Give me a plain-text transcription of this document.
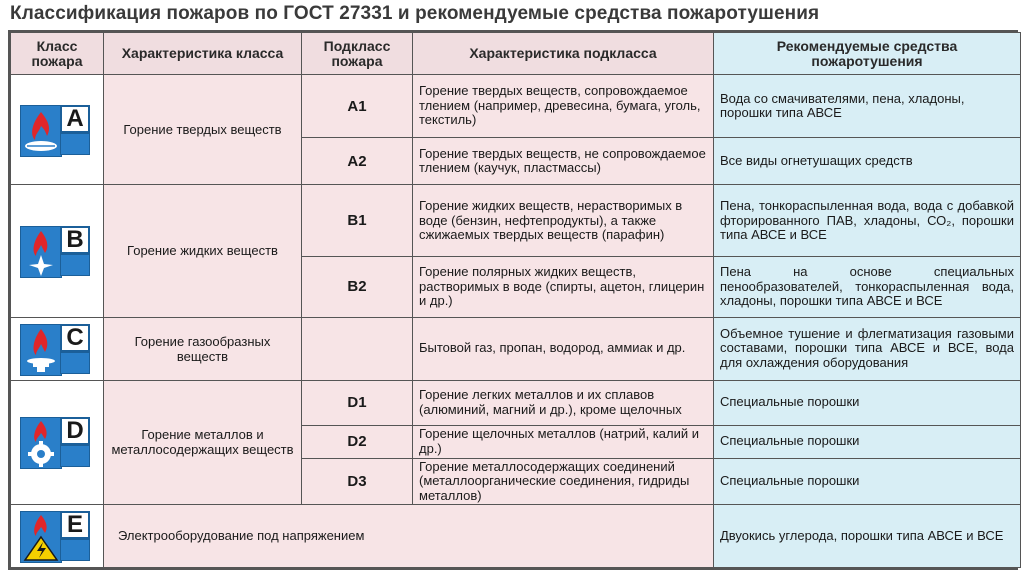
Классификация пожаров по ГОСТ 27331 и рекомендуемые средства пожаротушения
Класс пожара	Характеристика класса	Подкласс пожара	Характеристика подкласса	Рекомендуемые средства пожаротушения

A	Горение твердых веществ	A1	Горение твердых веществ, сопровождаемое тлением (например, древесина, бумага, уголь, текстиль)	Вода со смачивателями, пена, хладоны, порошки типа АВСЕ
		A2	Горение твердых веществ, не сопровождаемое тлением (каучук, пластмассы)	Все виды огнетушащих средств

B	Горение жидких веществ	B1	Горение жидких веществ, нерастворимых в воде (бензин, нефтепродукты), а также сжижаемых твердых веществ (парафин)	Пена, тонкораспыленная вода, вода с добавкой фторированного ПАВ, хладоны, СО₂, порошки типа АВСЕ и ВСЕ
		B2	Горение полярных жидких веществ, растворимых в воде (спирты, ацетон, глицерин и др.)	Пена на основе специальных пенообразователей, тонкораспыленная вода, хладоны, порошки типа АВСЕ и ВСЕ

C	Горение газообразных веществ		Бытовой газ, пропан, водород, аммиак и др.	Объемное тушение и флегматизация газовыми составами, порошки типа АВСЕ и ВСЕ, вода для охлаждения оборудования

D	Горение металлов и металлосодержащих веществ	D1	Горение легких металлов и их сплавов (алюминий, магний и др.), кроме щелочных	Специальные порошки
		D2	Горение щелочных металлов (натрий, калий и др.)	Специальные порошки
		D3	Горение металлосодержащих соединений (металлоорганические соединения, гидриды металлов)	Специальные порошки

E	Электрооборудование под напряжением			Двуокись углерода, порошки типа АВСЕ и ВСЕ
